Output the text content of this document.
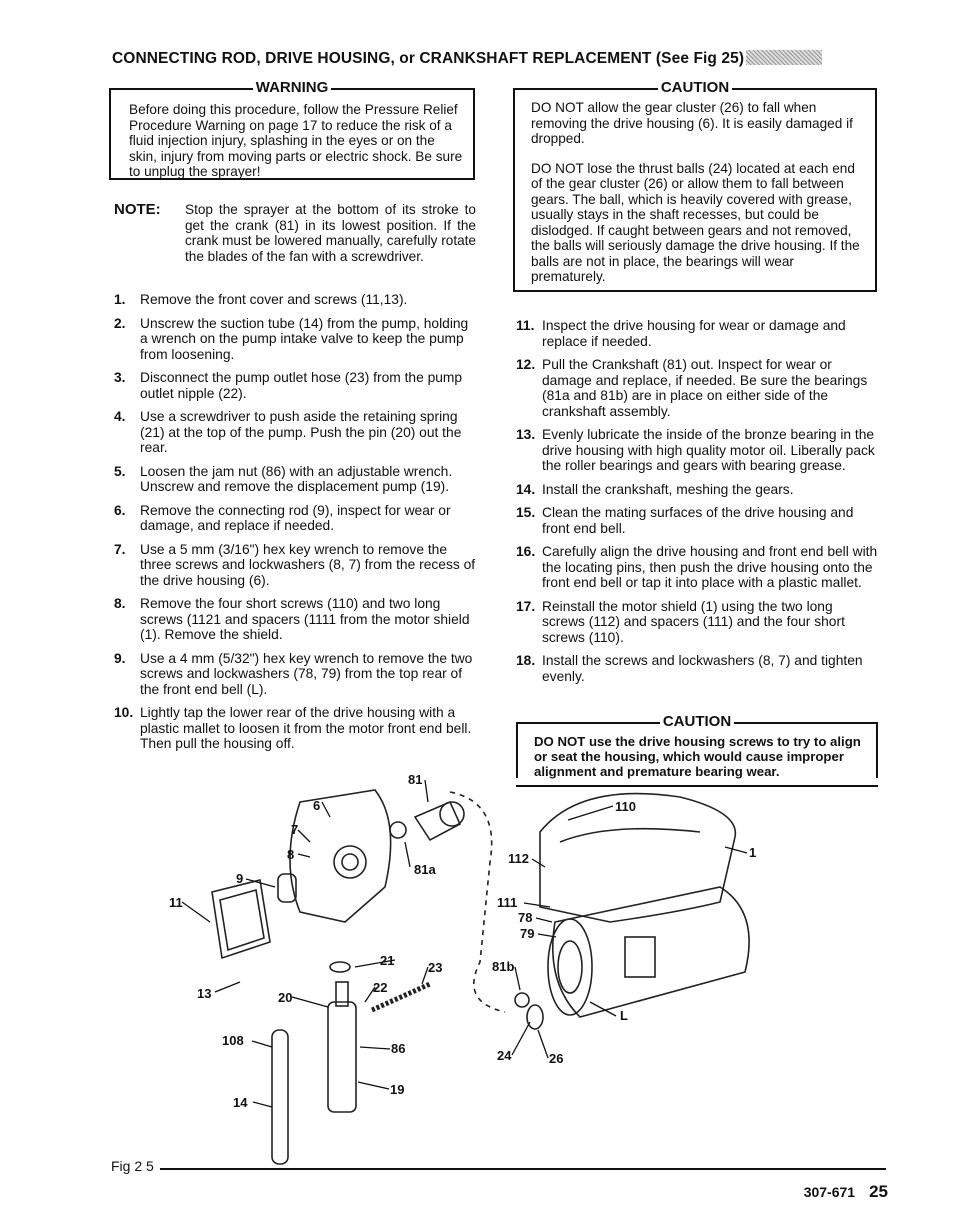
CONNECTING ROD, DRIVE HOUSING, or CRANKSHAFT REPLACEMENT (See Fig 25)
WARNING

Before doing this procedure, follow the Pressure Relief Procedure Warning on page 17 to reduce the risk of a fluid injection injury, splashing in the eyes or on the skin, injury from moving parts or electric shock. Be sure to unplug the sprayer!

CAUTION

DO NOT allow the gear cluster (26) to fall when removing the drive housing (6). It is easily damaged if dropped.

DO NOT lose the thrust balls (24) located at each end of the gear cluster (26) or allow them to fall between gears. The ball, which is heavily covered with grease, usually stays in the shaft recesses, but could be dislodged. If caught between gears and not removed, the balls will seriously damage the drive housing. If the balls are not in place, the bearings will wear prematurely.

NOTE: Stop the sprayer at the bottom of its stroke to get the crank (81) in its lowest position. If the crank must be lowered manually, carefully rotate the blades of the fan with a screwdriver.
1. Remove the front cover and screws (11,13).
2. Unscrew the suction tube (14) from the pump, holding a wrench on the pump intake valve to keep the pump from loosening.
3. Disconnect the pump outlet hose (23) from the pump outlet nipple (22).
4. Use a screwdriver to push aside the retaining spring (21) at the top of the pump. Push the pin (20) out the rear.
5. Loosen the jam nut (86) with an adjustable wrench. Unscrew and remove the displacement pump (19).
6. Remove the connecting rod (9), inspect for wear or damage, and replace if needed.
7. Use a 5 mm (3/16") hex key wrench to remove the three screws and lockwashers (8, 7) from the recess of the drive housing (6).
8. Remove the four short screws (110) and two long screws (1121 and spacers (1111 from the motor shield (1). Remove the shield.
9. Use a 4 mm (5/32") hex key wrench to remove the two screws and lockwashers (78, 79) from the top rear of the front end bell (L).
10. Lightly tap the lower rear of the drive housing with a plastic mallet to loosen it from the motor front end bell. Then pull the housing off.
11. Inspect the drive housing for wear or damage and replace if needed.
12. Pull the Crankshaft (81) out. Inspect for wear or damage and replace, if needed. Be sure the bearings (81a and 81b) are in place on either side of the crankshaft assembly.
13. Evenly lubricate the inside of the bronze bearing in the drive housing with high quality motor oil. Liberally pack the roller bearings and gears with bearing grease.
14. Install the crankshaft, meshing the gears.
15. Clean the mating surfaces of the drive housing and front end bell.
16. Carefully align the drive housing and front end bell with the locating pins, then push the drive housing onto the front end bell or tap it into place with a plastic mallet.
17. Reinstall the motor shield (1) using the two long screws (112) and spacers (111) and the four short screws (110).
18. Install the screws and lockwashers (8, 7) and tighten evenly.
CAUTION

DO NOT use the drive housing screws to try to align or seat the housing, which would cause improper alignment and premature bearing wear.

81
6
7
8
81a
9
11
21	23
13	22
20
108
86
19
14
110
1
112
111
78
79
81b
L
24	26
Fig 2 5
307-671 25
